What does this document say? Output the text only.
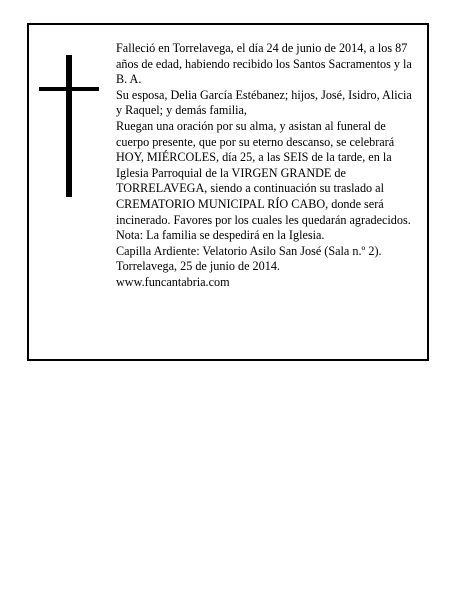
Falleció en Torrelavega, el día 24 de junio de 2014, a los 87 años de edad, habiendo recibido los Santos Sacramentos y la B. A.

Su esposa, Delia García Estébanez; hijos, José, Isidro, Alicia y Raquel; y demás familia,

Ruegan una oración por su alma, y asistan al funeral de cuerpo presente, que por su eterno descanso, se celebrará HOY, MIÉRCOLES, día 25, a las SEIS de la tarde, en la Iglesia Parroquial de la VIRGEN GRANDE de TORRELAVEGA, siendo a continuación su traslado al CREMATORIO MUNICIPAL RÍO CABO, donde será incinerado. Favores por los cuales les quedarán agradecidos. Nota: La familia se despedirá en la Iglesia.

Capilla Ardiente: Velatorio Asilo San José (Sala n.º 2).

Torrelavega, 25 de junio de 2014.

www.funcantabria.com
